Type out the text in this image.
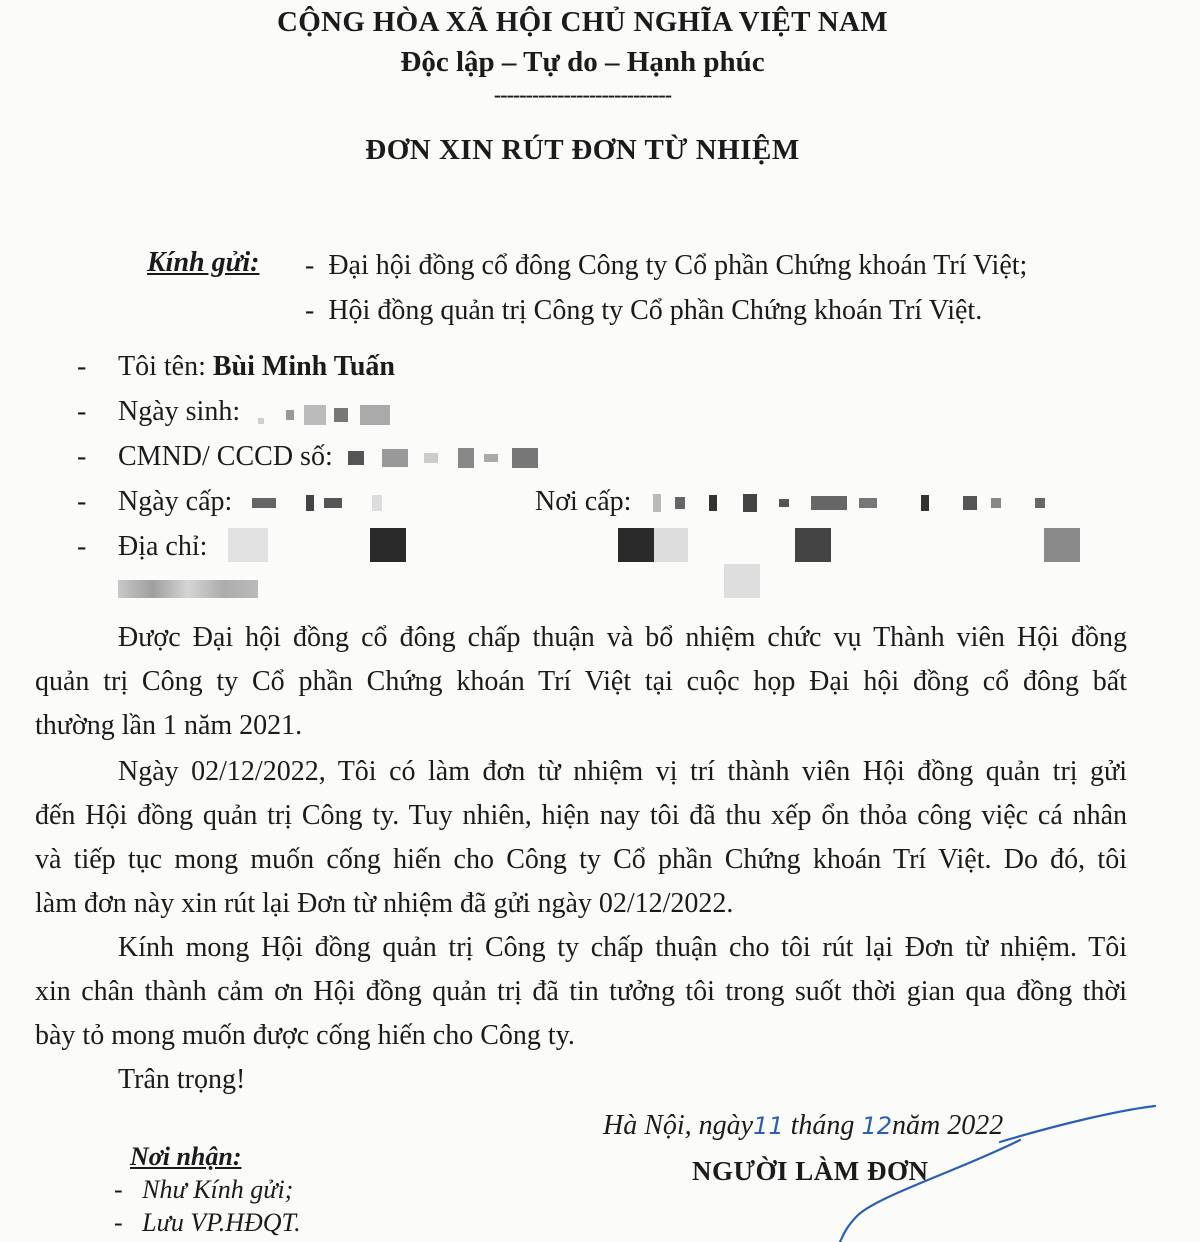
CỘNG HÒA XÃ HỘI CHỦ NGHĨA VIỆT NAM
Độc lập – Tự do – Hạnh phúc
----------------------------
ĐƠN XIN RÚT ĐƠN TỪ NHIỆM
Kính gửi: -  Đại hội đồng cổ đông Công ty Cổ phần Chứng khoán Trí Việt;
-  Hội đồng quản trị Công ty Cổ phần Chứng khoán Trí Việt.
- Tôi tên: Bùi Minh Tuấn
- Ngày sinh:

- CMND/ CCCD số:

- Ngày cấp:
	Nơi cấp:

- Địa chỉ:
Được Đại hội đồng cổ đông chấp thuận và bổ nhiệm chức vụ Thành viên Hội đồng
quản trị Công ty Cổ phần Chứng khoán Trí Việt tại cuộc họp Đại hội đồng cổ đông bất
thường lần 1 năm 2021.
Ngày 02/12/2022, Tôi có làm đơn từ nhiệm vị trí thành viên Hội đồng quản trị gửi
đến Hội đồng quản trị Công ty. Tuy nhiên, hiện nay tôi đã thu xếp ổn thỏa công việc cá nhân
và tiếp tục mong muốn cống hiến cho Công ty Cổ phần Chứng khoán Trí Việt. Do đó, tôi
làm đơn này xin rút lại Đơn từ nhiệm đã gửi ngày 02/12/2022.
Kính mong Hội đồng quản trị Công ty chấp thuận cho tôi rút lại Đơn từ nhiệm. Tôi
xin chân thành cảm ơn Hội đồng quản trị đã tin tưởng tôi trong suốt thời gian qua đồng thời
bày tỏ mong muốn được cống hiến cho Công ty.
Trân trọng!
Hà Nội, ngày11 tháng 12năm 2022
NGƯỜI LÀM ĐƠN
Nơi nhận:
-   Như Kính gửi;
-   Lưu VP.HĐQT.
